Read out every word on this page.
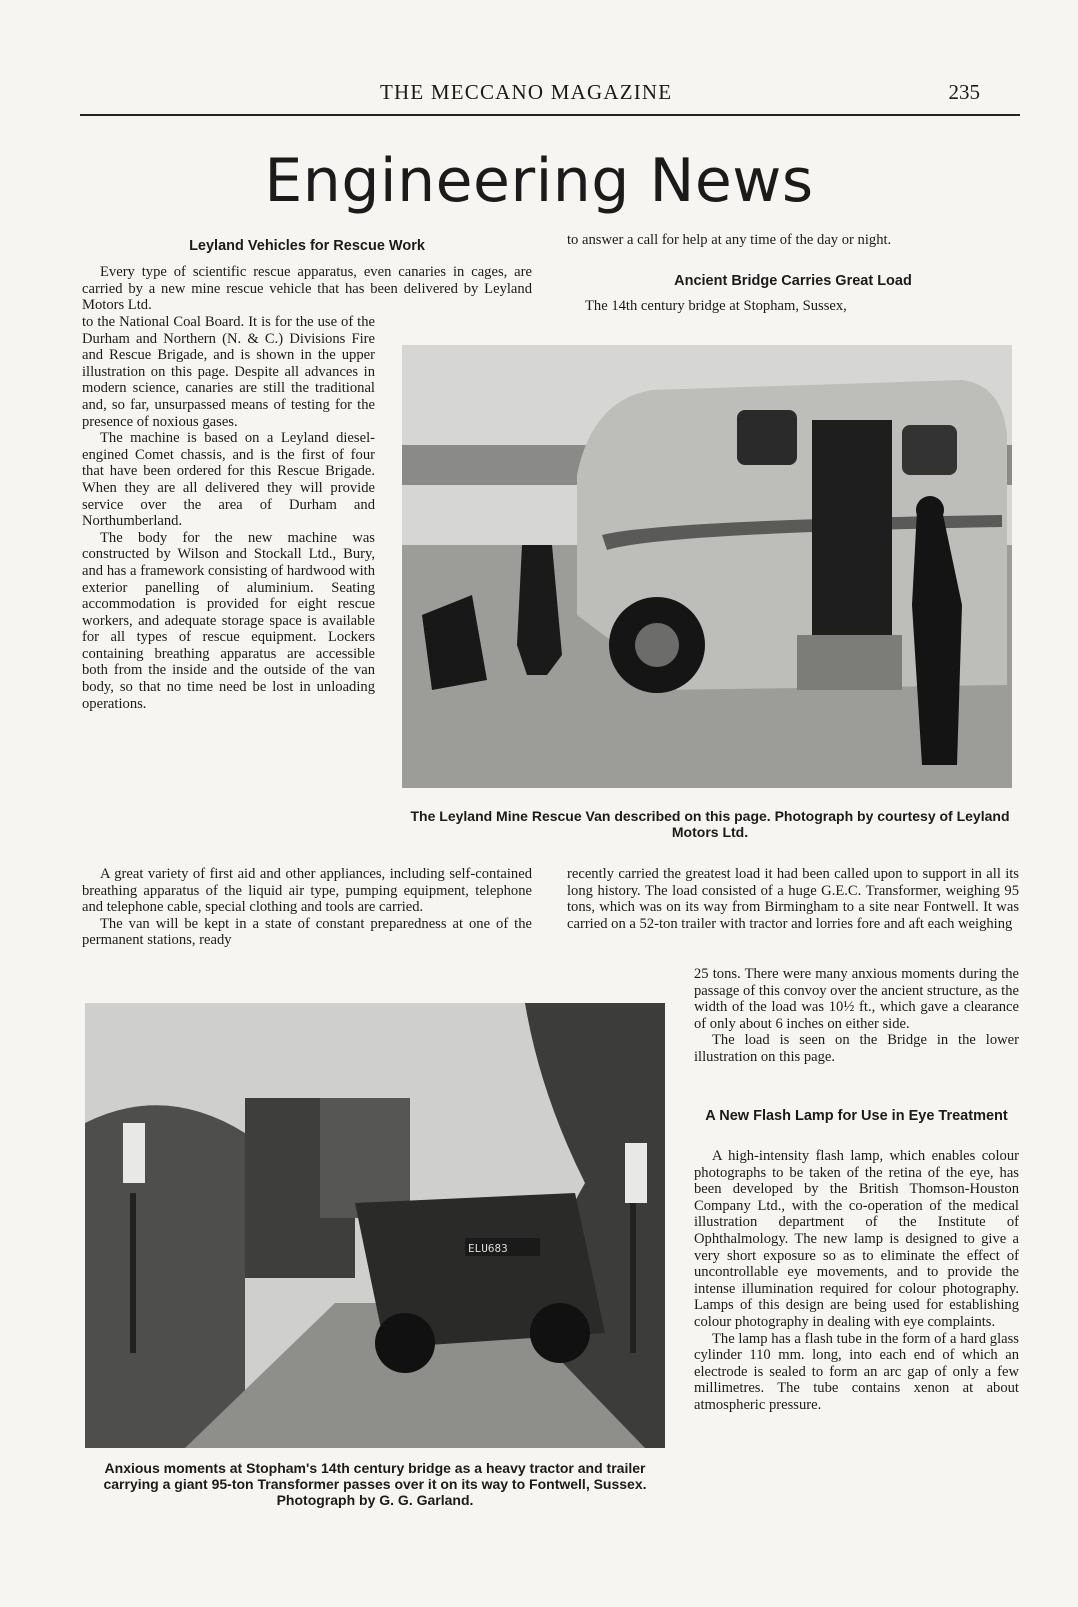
THE MECCANO MAGAZINE	235
Engineering News
Leyland Vehicles for Rescue Work

Every type of scientific rescue apparatus, even canaries in cages, are carried by a new mine rescue vehicle that has been delivered by Leyland Motors Ltd.

to the National Coal Board. It is for the use of the Durham and Northern (N. & C.) Divisions Fire and Rescue Brigade, and is shown in the upper illustration on this page. Despite all advances in modern science, canaries are still the traditional and, so far, unsurpassed means of testing for the presence of noxious gases.

The machine is based on a Leyland diesel-engined Comet chassis, and is the first of four that have been ordered for this Rescue Brigade. When they are all delivered they will provide service over the area of Durham and Northumberland.

The body for the new machine was constructed by Wilson and Stockall Ltd., Bury, and has a framework consisting of hardwood with exterior panelling of aluminium. Seating accommodation is provided for eight rescue workers, and adequate storage space is available for all types of rescue equipment. Lockers containing breathing apparatus are accessible both from the inside and the outside of the van body, so that no time need be lost in unloading operations.

A great variety of first aid and other appliances, including self-contained breathing apparatus of the liquid air type, pumping equipment, telephone and telephone cable, special clothing and tools are carried.

The van will be kept in a state of constant preparedness at one of the permanent stations, ready

to answer a call for help at any time of the day or night.

Ancient Bridge Carries Great Load

The 14th century bridge at Stopham, Sussex,

The Leyland Mine Rescue Van described on this page. Photograph by courtesy of Leyland Motors Ltd.

recently carried the greatest load it had been called upon to support in all its long history. The load consisted of a huge G.E.C. Transformer, weighing 95 tons, which was on its way from Birmingham to a site near Fontwell. It was carried on a 52-ton trailer with tractor and lorries fore and aft each weighing

25 tons. There were many anxious moments during the passage of this convoy over the ancient structure, as the width of the load was 10½ ft., which gave a clearance of only about 6 inches on either side.

The load is seen on the Bridge in the lower illustration on this page.

A New Flash Lamp for Use in Eye Treatment

A high-intensity flash lamp, which enables colour photographs to be taken of the retina of the eye, has been developed by the British Thomson-Houston Company Ltd., with the co-operation of the medical illustration department of the Institute of Ophthalmology. The new lamp is designed to give a very short exposure so as to eliminate the effect of uncontrollable eye movements, and to provide the intense illumination required for colour photography. Lamps of this design are being used for establishing colour photography in dealing with eye complaints.

The lamp has a flash tube in the form of a hard glass cylinder 110 mm. long, into each end of which an electrode is sealed to form an arc gap of only a few millimetres. The tube contains xenon at about atmospheric pressure.

ELU683
Anxious moments at Stopham's 14th century bridge as a heavy tractor and trailer carrying a giant 95-ton Transformer passes over it on its way to Fontwell, Sussex. Photograph by G. G. Garland.
